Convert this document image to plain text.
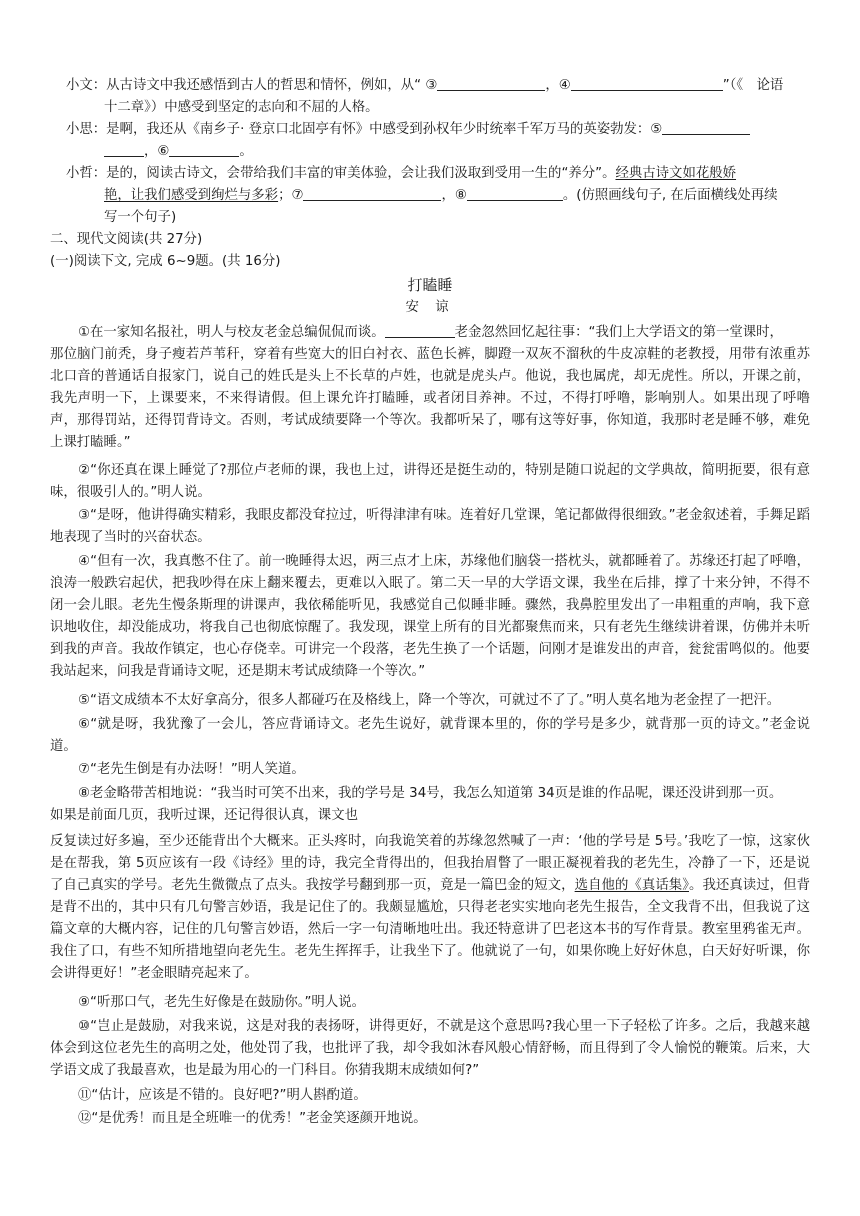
小文：从古诗文中我还感悟到古人的哲思和情怀，例如，从“ ③	，④	”（《　论语
十二章》）中感受到坚定的志向和不屈的人格。
小思：是啊，我还从《南乡子· 登京口北固亭有怀》中感受到孙权年少时统率千军万马的英姿勃发：⑤
，⑥	。
小哲：是的，阅读古诗文，会带给我们丰富的审美体验，会让我们汲取到受用一生的“养分”。经典古诗文如花般娇
艳，让我们感受到绚烂与多彩；⑦	，⑧	。(仿照画线句子, 在后面横线处再续
写一个句子)
二、现代文阅读(共 27分)
(一)阅读下文, 完成 6~9题。(共 16分)
打瞌睡
安 谅
①在一家知名报社，明人与校友老金总编侃侃而谈。	老金忽然回忆起往事：“我们上大学语文的第一堂课时，
那位脑门前秃，身子瘦若芦苇秆，穿着有些宽大的旧白衬衣、蓝色长裤，脚蹬一双灰不溜秋的牛皮凉鞋的老教授，用带有浓重苏北口音的普通话自报家门，说自己的姓氏是头上不长草的卢姓，也就是虎头卢。他说，我也属虎，却无虎性。所以，开课之前，我先声明一下，上课要来，不来得请假。但上课允许打瞌睡，或者闭目养神。不过，不得打呼噜，影响别人。如果出现了呼噜声，那得罚站，还得罚背诗文。否则，考试成绩要降一个等次。我都听呆了，哪有这等好事，你知道，我那时老是睡不够，难免上课打瞌睡。”
②“你还真在课上睡觉了?那位卢老师的课，我也上过，讲得还是挺生动的，特别是随口说起的文学典故，简明扼要，很有意味，很吸引人的。”明人说。
③“是呀，他讲得确实精彩，我眼皮都没耷拉过，听得津津有味。连着好几堂课，笔记都做得很细致。”老金叙述着，手舞足蹈地表现了当时的兴奋状态。
④“但有一次，我真憋不住了。前一晚睡得太迟，两三点才上床，苏缘他们脑袋一搭枕头，就都睡着了。苏缘还打起了呼噜，浪涛一般跌宕起伏，把我吵得在床上翻来覆去，更难以入眠了。第二天一早的大学语文课，我坐在后排，撑了十来分钟，不得不闭一会儿眼。老先生慢条斯理的讲课声，我依稀能听见，我感觉自己似睡非睡。骤然，我鼻腔里发出了一串粗重的声响，我下意识地收住，却没能成功，将我自己也彻底惊醒了。我发现，课堂上所有的目光都聚焦而来，只有老先生继续讲着课，仿佛并未听到我的声音。我故作镇定，也心存侥幸。可讲完一个段落，老先生换了一个话题，问刚才是谁发出的声音，瓮瓮雷鸣似的。他要我站起来，问我是背诵诗文呢，还是期末考试成绩降一个等次。”
⑤“语文成绩本不太好拿高分，很多人都碰巧在及格线上，降一个等次，可就过不了了。”明人莫名地为老金捏了一把汗。
⑥“就是呀，我犹豫了一会儿，答应背诵诗文。老先生说好，就背课本里的，你的学号是多少，就背那一页的诗文。”老金说道。
⑦“老先生倒是有办法呀！”明人笑道。
⑧老金略带苦相地说：“我当时可笑不出来，我的学号是 34号，我怎么知道第 34页是谁的作品呢，课还没讲到那一页。
如果是前面几页，我听过课，还记得很认真，课文也
反复读过好多遍，至少还能背出个大概来。正头疼时，向我诡笑着的苏缘忽然喊了一声：‘他的学号是 5号。’我吃了一惊，这家伙是在帮我，第 5页应该有一段《诗经》里的诗，我完全背得出的，但我抬眉瞥了一眼正凝视着我的老先生，冷静了一下，还是说了自己真实的学号。老先生微微点了点头。我按学号翻到那一页，竟是一篇巴金的短文，选自他的《真话集》。我还真读过，但背是背不出的，其中只有几句警言妙语，我是记住了的。我颇显尴尬，只得老老实实地向老先生报告，全文我背不出，但我说了这篇文章的大概内容，记住的几句警言妙语，然后一字一句清晰地吐出。我还特意讲了巴老这本书的写作背景。教室里鸦雀无声。我住了口，有些不知所措地望向老先生。老先生挥挥手，让我坐下了。他就说了一句，如果你晚上好好休息，白天好好听课，你会讲得更好！”老金眼睛亮起来了。
⑨“听那口气，老先生好像是在鼓励你。”明人说。
⑩“岂止是鼓励，对我来说，这是对我的表扬呀，讲得更好，不就是这个意思吗?我心里一下子轻松了许多。之后，我越来越体会到这位老先生的高明之处，他处罚了我，也批评了我，却令我如沐春风般心情舒畅，而且得到了令人愉悦的鞭策。后来，大学语文成了我最喜欢，也是最为用心的一门科目。你猜我期末成绩如何?”
⑪“估计，应该是不错的。良好吧?”明人斟酌道。
⑫“是优秀！而且是全班唯一的优秀！”老金笑逐颜开地说。
